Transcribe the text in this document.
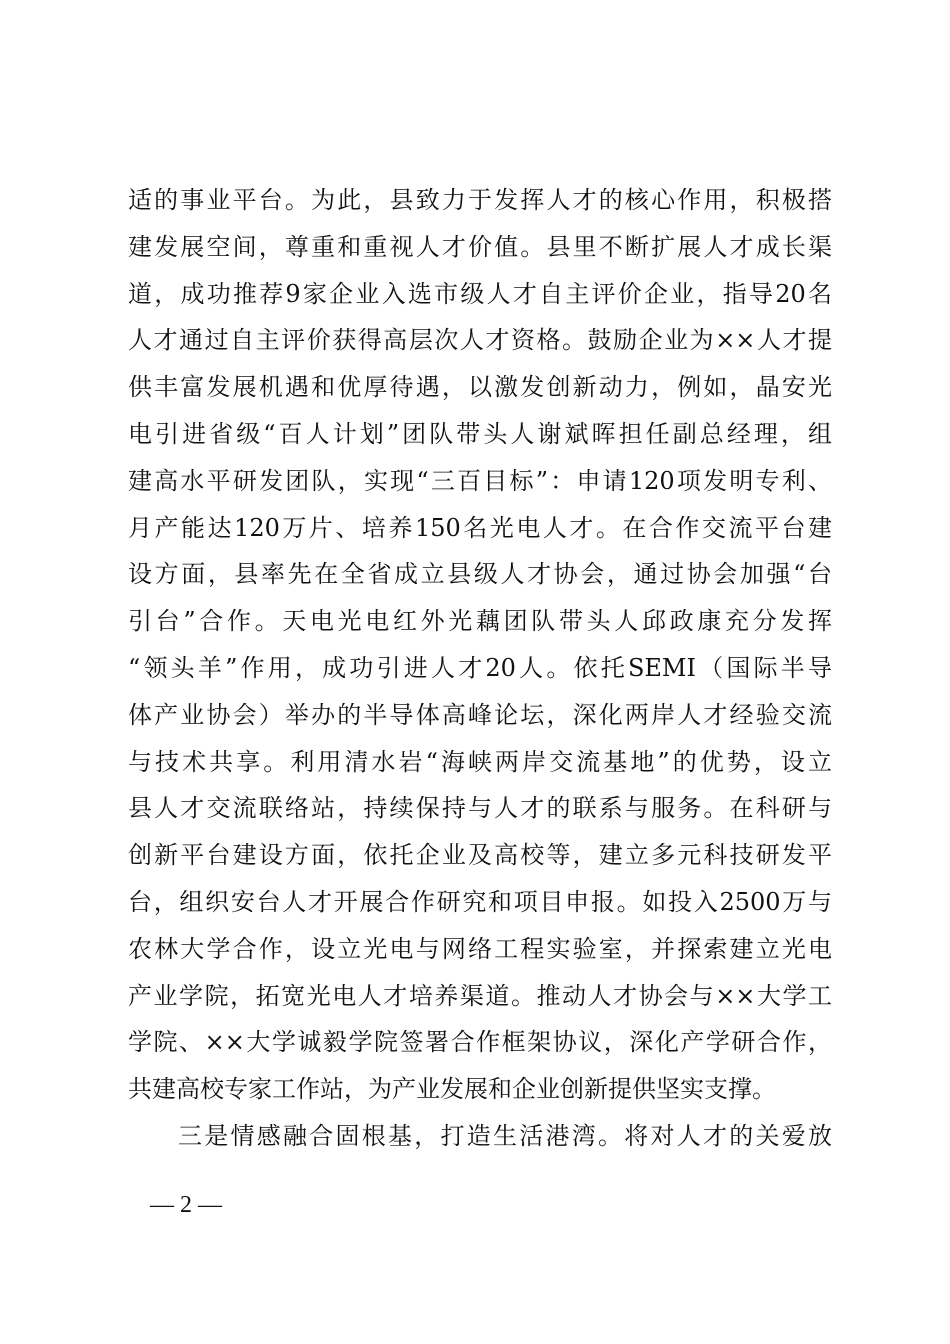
适的事业平台。为此，县致力于发挥人才的核心作用，积极搭
建发展空间，尊重和重视人才价值。县里不断扩展人才成长渠
道，成功推荐9家企业入选市级人才自主评价企业，指导20名
人才通过自主评价获得高层次人才资格。鼓励企业为××人才提
供丰富发展机遇和优厚待遇，以激发创新动力，例如，晶安光
电引进省级“百人计划”团队带头人谢斌晖担任副总经理，组
建高水平研发团队，实现“三百目标”：申请120项发明专利、
月产能达120万片、培养150名光电人才。在合作交流平台建
设方面，县率先在全省成立县级人才协会，通过协会加强“台
引台”合作。天电光电红外光藕团队带头人邱政康充分发挥
“领头羊”作用，成功引进人才20人。依托SEMI（国际半导
体产业协会）举办的半导体高峰论坛，深化两岸人才经验交流
与技术共享。利用清水岩“海峡两岸交流基地”的优势，设立
县人才交流联络站，持续保持与人才的联系与服务。在科研与
创新平台建设方面，依托企业及高校等，建立多元科技研发平
台，组织安台人才开展合作研究和项目申报。如投入2500万与
农林大学合作，设立光电与网络工程实验室，并探索建立光电
产业学院，拓宽光电人才培养渠道。推动人才协会与××大学工
学院、××大学诚毅学院签署合作框架协议，深化产学研合作，
共建高校专家工作站，为产业发展和企业创新提供坚实支撑。
三是情感融合固根基，打造生活港湾。将对人才的关爱放
— 2 —
